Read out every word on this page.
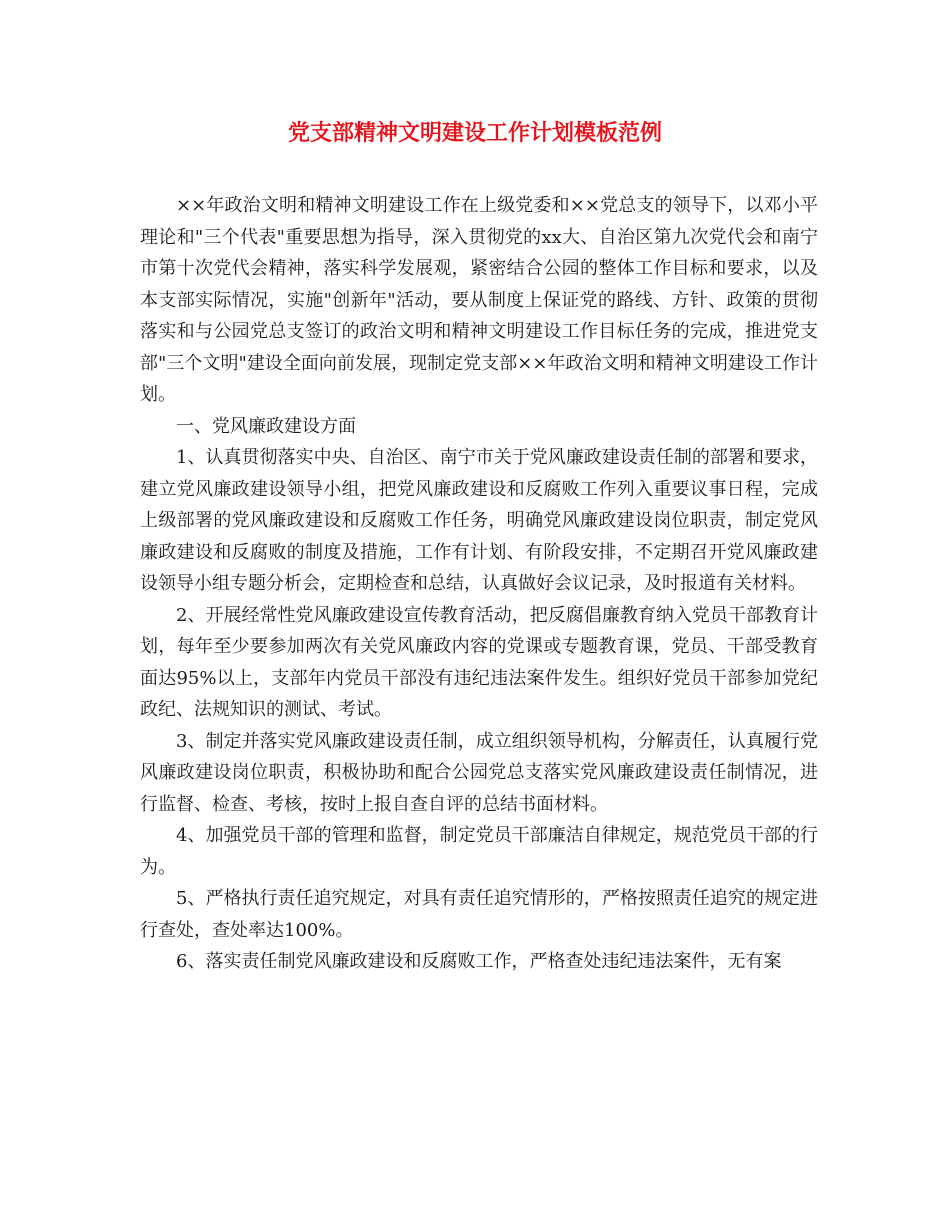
党支部精神文明建设工作计划模板范例

××年政治文明和精神文明建设工作在上级党委和××党总支的领导下，以邓小平理论和"三个代表"重要思想为指导，深入贯彻党的xx大、自治区第九次党代会和南宁市第十次党代会精神，落实科学发展观，紧密结合公园的整体工作目标和要求，以及本支部实际情况，实施"创新年"活动，要从制度上保证党的路线、方针、政策的贯彻落实和与公园党总支签订的政治文明和精神文明建设工作目标任务的完成，推进党支部"三个文明"建设全面向前发展，现制定党支部××年政治文明和精神文明建设工作计划。

一、党风廉政建设方面

1、认真贯彻落实中央、自治区、南宁市关于党风廉政建设责任制的部署和要求，建立党风廉政建设领导小组，把党风廉政建设和反腐败工作列入重要议事日程，完成上级部署的党风廉政建设和反腐败工作任务，明确党风廉政建设岗位职责，制定党风廉政建设和反腐败的制度及措施，工作有计划、有阶段安排，不定期召开党风廉政建设领导小组专题分析会，定期检查和总结，认真做好会议记录，及时报道有关材料。

2、开展经常性党风廉政建设宣传教育活动，把反腐倡廉教育纳入党员干部教育计划，每年至少要参加两次有关党风廉政内容的党课或专题教育课，党员、干部受教育面达95%以上，支部年内党员干部没有违纪违法案件发生。组织好党员干部参加党纪政纪、法规知识的测试、考试。

3、制定并落实党风廉政建设责任制，成立组织领导机构，分解责任，认真履行党风廉政建设岗位职责，积极协助和配合公园党总支落实党风廉政建设责任制情况，进行监督、检查、考核，按时上报自查自评的总结书面材料。

4、加强党员干部的管理和监督，制定党员干部廉洁自律规定，规范党员干部的行为。

5、严格执行责任追究规定，对具有责任追究情形的，严格按照责任追究的规定进行查处，查处率达100%。

6、落实责任制党风廉政建设和反腐败工作，严格查处违纪违法案件，无有案
